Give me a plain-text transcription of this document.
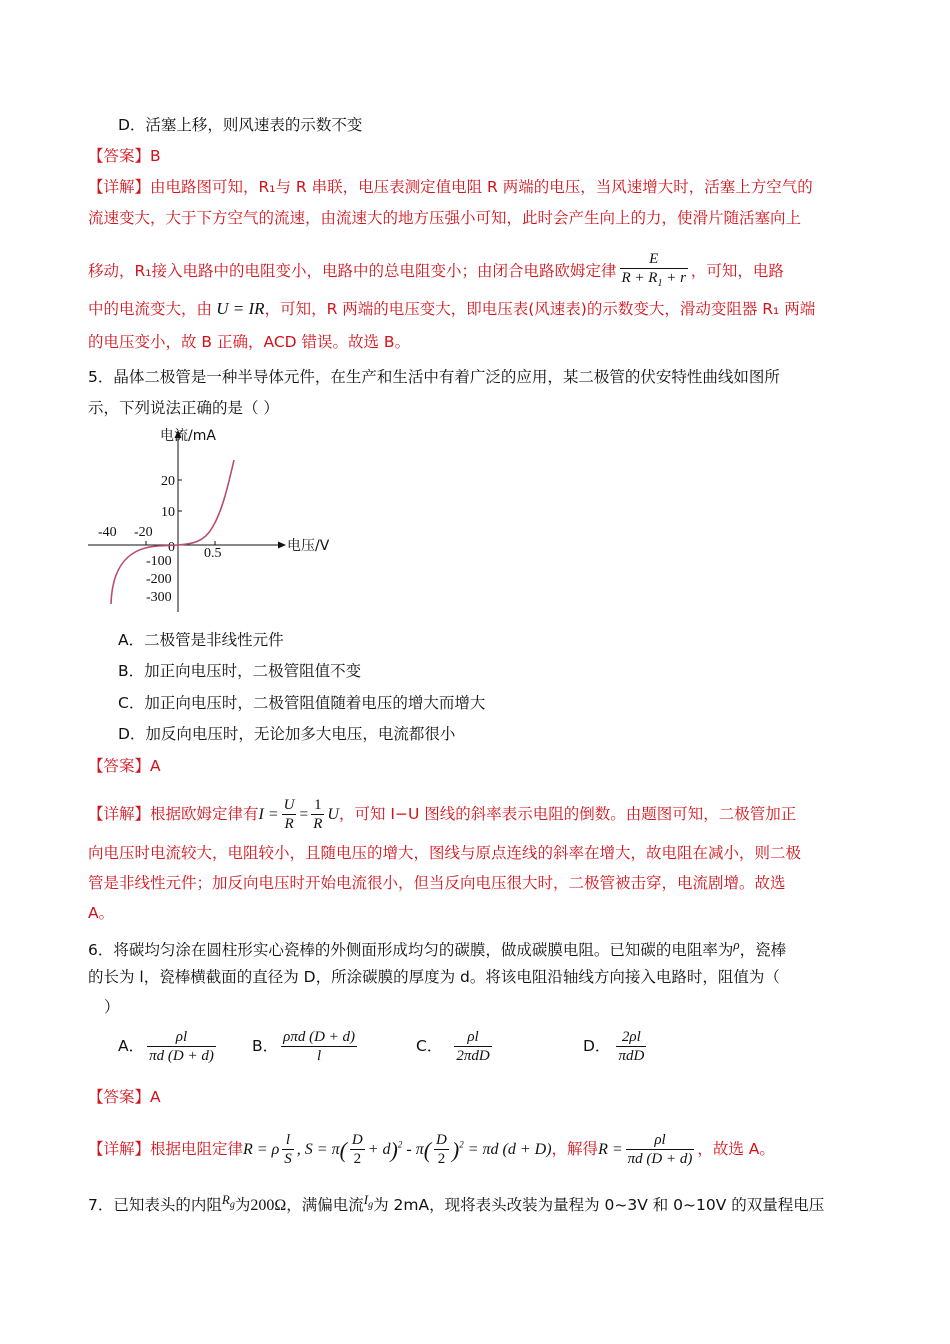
D．活塞上移，则风速表的示数不变
【答案】B
【详解】由电路图可知，R₁与 R 串联，电压表测定值电阻 R 两端的电压，当风速增大时，活塞上方空气的
流速变大，大于下方空气的流速，由流速大的地方压强小可知，此时会产生向上的力，使滑片随活塞向上
移动，R₁接入电路中的电阻变小，电路中的总电阻变小；由闭合电路欧姆定律 $\frac{E}{R + R_1 + r}$ ，可知，电路
中的电流变大，由 U = IR，可知，R 两端的电压变大，即电压表(风速表)的示数变大，滑动变阻器 R₁ 两端
的电压变小，故 B 正确，ACD 错误。故选 B。
5．晶体二极管是一种半导体元件，在生产和生活中有着广泛的应用，某二极管的伏安特性曲线如图所
示，下列说法正确的是（ ）
电流/mA
电压/V
20
10
-100
-200
-300
-40 -20
0 0.5
A．二极管是非线性元件
B．加正向电压时，二极管阻值不变
C．加正向电压时，二极管阻值随着电压的增大而增大
D．加反向电压时，无论加多大电压，电流都很小
【答案】A
【详解】根据欧姆定律有$I = \frac{U}{R} = \frac{1}{R}$ U，可知 I−U 图线的斜率表示电阻的倒数。由题图可知，二极管加正
向电压时电流较大，电阻较小，且随电压的增大，图线与原点连线的斜率在增大，故电阻在减小，则二极
管是非线性元件；加反向电压时开始电流很小，但当反向电压很大时，二极管被击穿，电流剧增。故选
A。
6．将碳均匀涂在圆柱形实心瓷棒的外侧面形成均匀的碳膜，做成碳膜电阻。已知碳的电阻率为$^\rho$，瓷棒
的长为 l，瓷棒横截面的直径为 D，所涂碳膜的厚度为 d。将该电阻沿轴线方向接入电路时，阻值为（
）
A． $\frac{\rho l}{\pi d (D + d)}$ B． $\frac{\text{ρπd (D + d)}}{l}$	C． $\frac{\rho l}{\text{2πdD}}$	D． $\frac{2\rho l}{\text{πdD}}$
【答案】A
【详解】根据电阻定律R = ρ $\frac{l}{S}$ , $S = \pi( \frac{D}{2} + d)^2 - \pi( \frac{D}{2} )^2 = \pi d$ (d + D)，解得$R = \frac{\rho l}{\pi d (D + d)}$ ，故选 A。
7．已知表头的内阻$^{R_g}$为200Ω，满偏电流$^{I_g}$为 2mA，现将表头改装为量程为 0~3V 和 0~10V 的双量程电压
